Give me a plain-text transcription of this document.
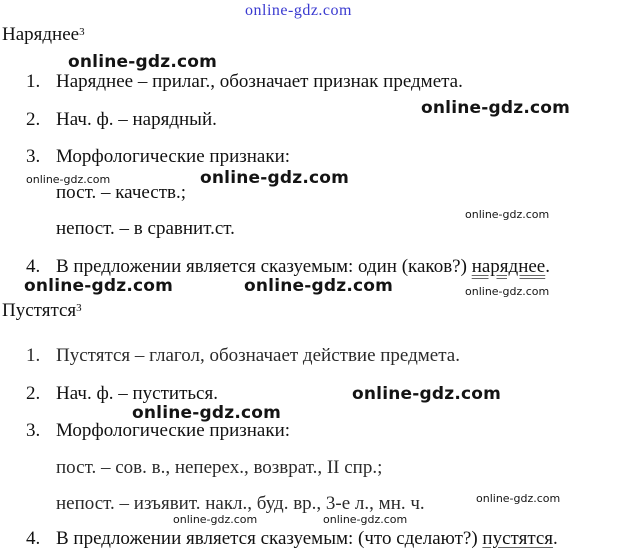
online-gdz.com
Наряднее$^3$
online-gdz.com
1. Наряднее – прилаг., обозначает признак предмета.
online-gdz.com
2. Нач. ф. – нарядный.
3. Морфологические признаки:
online-gdz.com	online-gdz.com
пост. – качеств.;
online-gdz.com
непост. – в сравнит.ст.
4. В предложении является сказуемым: один (каков?) наряднее.
online-gdz.com	online-gdz.com	online-gdz.com
Пустятся$^3$
1. Пустятся – глагол, обозначает действие предмета.
2. Нач. ф. – пуститься.	online-gdz.com
online-gdz.com
3. Морфологические признаки:
пост. – сов. в., неперех., возврат., II спр.;
непост. – изъявит. накл., буд. вр., 3-е л., мн. ч.	online-gdz.com
online-gdz.com	online-gdz.com
4. В предложении является сказуемым: (что сделают?) пустятся.
